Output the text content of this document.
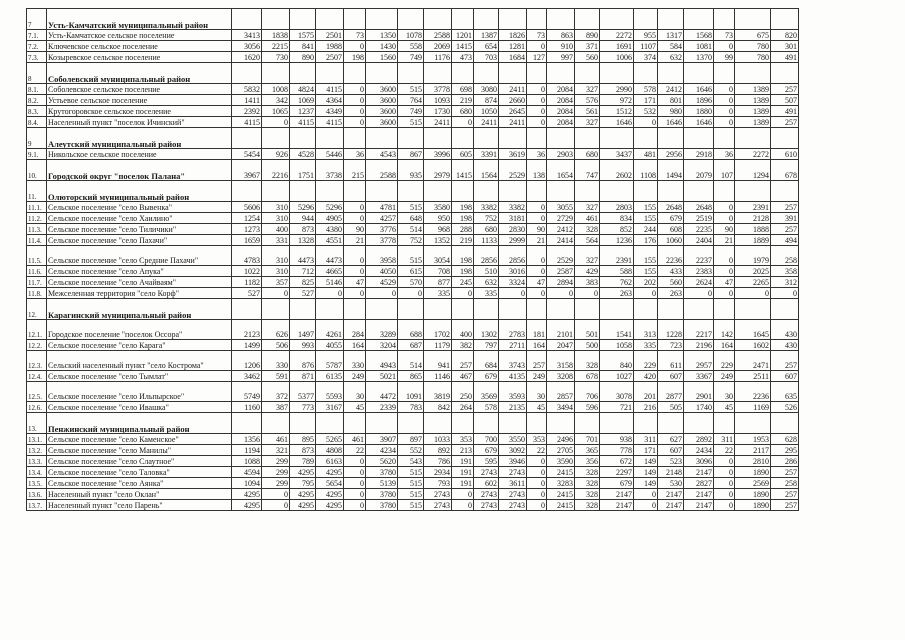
7	Усть-Камчатский муниципальный район																					
7.1.	Усть-Камчатское сельское поселение	3413	1838	1575	2501	73	1350	1078	2588	1201	1387	1826	73	863	890	2272	955	1317	1568	73	675	820
7.2.	Ключевское сельское поселение	3056	2215	841	1988	0	1430	558	2069	1415	654	1281	0	910	371	1691	1107	584	1081	0	780	301
7.3.	Козыревское сельское поселение	1620	730	890	2507	198	1560	749	1176	473	703	1684	127	997	560	1006	374	632	1370	99	780	491
8	Соболевский муниципальный район																					
8.1.	Соболевское сельское поселение	5832	1008	4824	4115	0	3600	515	3778	698	3080	2411	0	2084	327	2990	578	2412	1646	0	1389	257
8.2.	Устьевое сельское поселение	1411	342	1069	4364	0	3600	764	1093	219	874	2660	0	2084	576	972	171	801	1896	0	1389	507
8.3.	Крутогоровское сельское поселение	2392	1065	1237	4349	0	3600	749	1730	680	1050	2645	0	2084	561	1512	532	980	1880	0	1389	491
8.4.	Населенный пункт "поселок Ичинский"	4115	0	4115	4115	0	3600	515	2411	0	2411	2411	0	2084	327	1646	0	1646	1646	0	1389	257
9	Алеутский муниципальный район																					
9.1.	Никольское сельское поселение	5454	926	4528	5446	36	4543	867	3996	605	3391	3619	36	2903	680	3437	481	2956	2918	36	2272	610
10.	Городской округ "поселок Палана"	3967	2216	1751	3738	215	2588	935	2979	1415	1564	2529	138	1654	747	2602	1108	1494	2079	107	1294	678
11.	Олюторский муниципальный район																					
11.1.	Сельское поселение "село Вывенка"	5606	310	5296	5296	0	4781	515	3580	198	3382	3382	0	3055	327	2803	155	2648	2648	0	2391	257
11.2.	Сельское поселение "село Хаилино"	1254	310	944	4905	0	4257	648	950	198	752	3181	0	2729	461	834	155	679	2519	0	2128	391
11.3.	Сельское поселение "село Тиличики"	1273	400	873	4380	90	3776	514	968	288	680	2830	90	2412	328	852	244	608	2235	90	1888	257
11.4.	Сельское поселение "село Пахачи"	1659	331	1328	4551	21	3778	752	1352	219	1133	2999	21	2414	564	1236	176	1060	2404	21	1889	494
11.5.	Сельское поселение "село Средние Пахачи"	4783	310	4473	4473	0	3958	515	3054	198	2856	2856	0	2529	327	2391	155	2236	2237	0	1979	258
11.6.	Сельское поселение "село Апука"	1022	310	712	4665	0	4050	615	708	198	510	3016	0	2587	429	588	155	433	2383	0	2025	358
11.7.	Сельское поселение "село Ачайваям"	1182	357	825	5146	47	4529	570	877	245	632	3324	47	2894	383	762	202	560	2624	47	2265	312
11.8.	Межселенная территория "село Корф"	527	0	527	0	0	0	0	335	0	335	0	0	0	0	263	0	263	0	0	0	0
12.	Карагинский муниципальный район																					
12.1.	Городское поселение "поселок Оссора"	2123	626	1497	4261	284	3289	688	1702	400	1302	2783	181	2101	501	1541	313	1228	2217	142	1645	430
12.2.	Сельское поселение "село Карага"	1499	506	993	4055	164	3204	687	1179	382	797	2711	164	2047	500	1058	335	723	2196	164	1602	430
12.3.	Сельский населенный пункт "село Кострома"	1206	330	876	5787	330	4943	514	941	257	684	3743	257	3158	328	840	229	611	2957	229	2471	257
12.4.	Сельское поселение "село Тымлат"	3462	591	871	6135	249	5021	865	1146	467	679	4135	249	3208	678	1027	420	607	3367	249	2511	607
12.5.	Сельское поселение "село Ильпырское"	5749	372	5377	5593	30	4472	1091	3819	250	3569	3593	30	2857	706	3078	201	2877	2901	30	2236	635
12.6.	Сельское поселение "село Ивашка"	1160	387	773	3167	45	2339	783	842	264	578	2135	45	3494	596	721	216	505	1740	45	1169	526
13.	Пенжинский муниципальный район																					
13.1.	Сельское поселение "село Каменское"	1356	461	895	5265	461	3907	897	1033	353	700	3550	353	2496	701	938	311	627	2892	311	1953	628
13.2.	Сельское поселение "село Манилы"	1194	321	873	4808	22	4234	552	892	213	679	3092	22	2705	365	778	171	607	2434	22	2117	295
13.3.	Сельское поселение "село Слаутное"	1088	299	789	6163	0	5620	543	786	191	595	3946	0	3590	356	672	149	523	3096	0	2810	286
13.4.	Сельское поселение "село Таловка"	4594	299	4295	4295	0	3780	515	2934	191	2743	2743	0	2415	328	2297	149	2148	2147	0	1890	257
13.5.	Сельское поселение "село Аянка"	1094	299	795	5654	0	5139	515	793	191	602	3611	0	3283	328	679	149	530	2827	0	2569	258
13.6.	Населенный пункт "село Оклан"	4295	0	4295	4295	0	3780	515	2743	0	2743	2743	0	2415	328	2147	0	2147	2147	0	1890	257
13.7.	Населенный пункт "село Парень"	4295	0	4295	4295	0	3780	515	2743	0	2743	2743	0	2415	328	2147	0	2147	2147	0	1890	257
